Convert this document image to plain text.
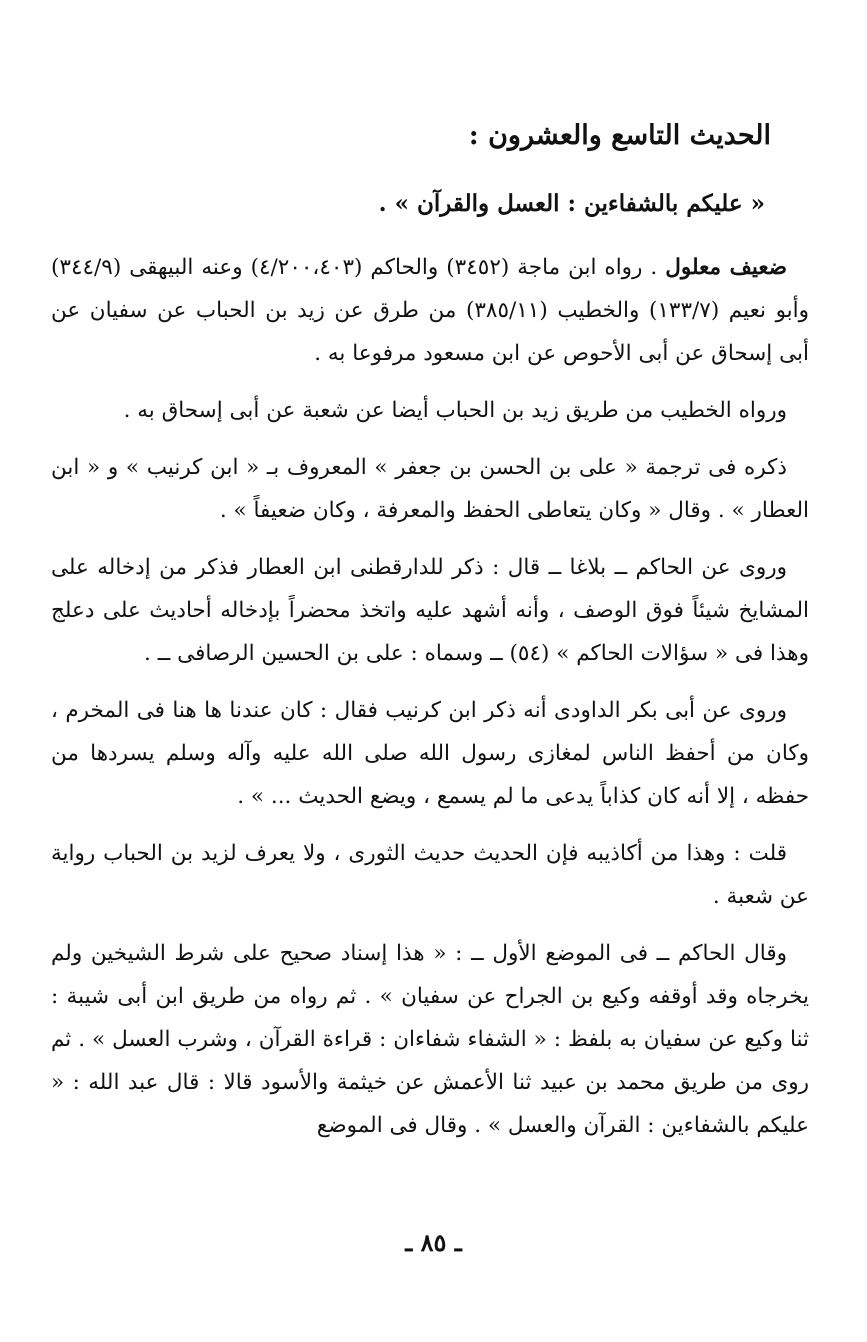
الحديث التاسع والعشرون :
« عليكم بالشفاءين : العسل والقرآن » .

ضعيف معلول . رواه ابن ماجة (٣٤٥٢) والحاكم (٤/٢٠٠،٤٠٣) وعنه البيهقى (٣٤٤/٩) وأبو نعيم (١٣٣/٧) والخطيب (٣٨٥/١١) من طرق عن زيد بن الحباب عن سفيان عن أبى إسحاق عن أبى الأحوص عن ابن مسعود مرفوعا به .

ورواه الخطيب من طريق زيد بن الحباب أيضا عن شعبة عن أبى إسحاق به .

ذكره فى ترجمة « على بن الحسن بن جعفر » المعروف بـ « ابن كرنيب » و « ابن العطار » . وقال « وكان يتعاطى الحفظ والمعرفة ، وكان ضعيفاً » .

وروى عن الحاكم ــ بلاغا ــ قال : ذكر للدارقطنى ابن العطار فذكر من إدخاله على المشايخ شيئاً فوق الوصف ، وأنه أشهد عليه واتخذ محضراً بإدخاله أحاديث على دعلج وهذا فى « سؤالات الحاكم » (٥٤) ــ وسماه : على بن الحسين الرصافى ــ .

وروى عن أبى بكر الداودى أنه ذكر ابن كرنيب فقال : كان عندنا ها هنا فى المخرم ، وكان من أحفظ الناس لمغازى رسول الله صلى الله عليه وآله وسلم يسردها من حفظه ، إلا أنه كان كذاباً يدعى ما لم يسمع ، ويضع الحديث ... » .

قلت : وهذا من أكاذيبه فإن الحديث حديث الثورى ، ولا يعرف لزيد بن الحباب رواية عن شعبة .

وقال الحاكم ــ فى الموضع الأول ــ : « هذا إسناد صحيح على شرط الشيخين ولم يخرجاه وقد أوقفه وكيع بن الجراح عن سفيان » . ثم رواه من طريق ابن أبى شيبة : ثنا وكيع عن سفيان به بلفظ : « الشفاء شفاءان : قراءة القرآن ، وشرب العسل » . ثم روى من طريق محمد بن عبيد ثنا الأعمش عن خيثمة والأسود قالا : قال عبد الله : « عليكم بالشفاءين : القرآن والعسل » . وقال فى الموضع

ـ ٨٥ ـ
